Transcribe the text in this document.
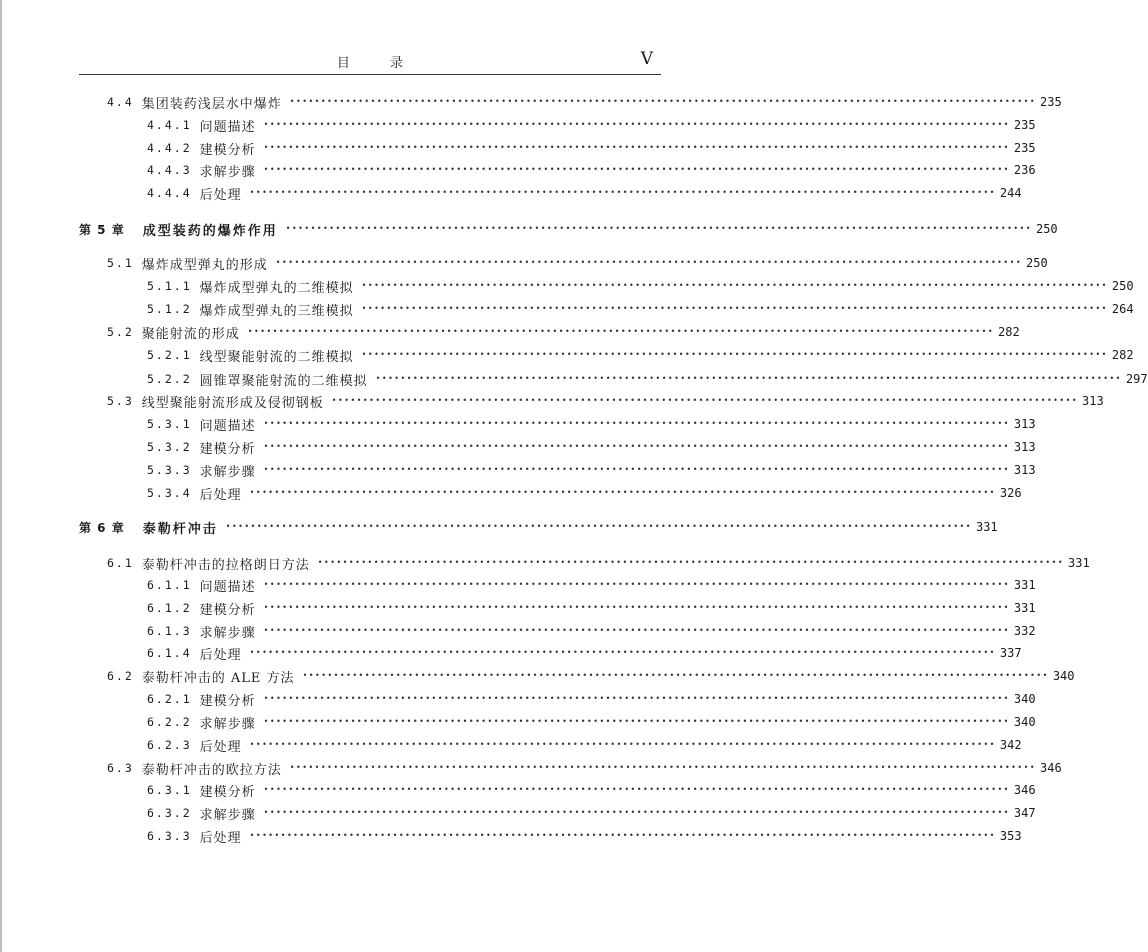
目 录	V
4.4 集团装药浅层水中爆炸 •••••••••••••••••••••••••••••••••••••••••••••••••••••••••••••••••••••••••••••••••••••••••••••••••••••••••••••••••••••••• 235
4.4.1 问题描述 •••••••••••••••••••••••••••••••••••••••••••••••••••••••••••••••••••••••••••••••••••••••••••••••••••••••••••••••••••••••• 235
4.4.2 建模分析 •••••••••••••••••••••••••••••••••••••••••••••••••••••••••••••••••••••••••••••••••••••••••••••••••••••••••••••••••••••••• 235
4.4.3 求解步骤 •••••••••••••••••••••••••••••••••••••••••••••••••••••••••••••••••••••••••••••••••••••••••••••••••••••••••••••••••••••••• 236
4.4.4 后处理 •••••••••••••••••••••••••••••••••••••••••••••••••••••••••••••••••••••••••••••••••••••••••••••••••••••••••••••••••••••••• 244
第 5 章 成型装药的爆炸作用 •••••••••••••••••••••••••••••••••••••••••••••••••••••••••••••••••••••••••••••••••••••••••••••••••••••••••••••••••••••••• 250
5.1 爆炸成型弹丸的形成 •••••••••••••••••••••••••••••••••••••••••••••••••••••••••••••••••••••••••••••••••••••••••••••••••••••••••••••••••••••••• 250
5.1.1 爆炸成型弹丸的二维模拟 •••••••••••••••••••••••••••••••••••••••••••••••••••••••••••••••••••••••••••••••••••••••••••••••••••••••••••••••••••••••• 250
5.1.2 爆炸成型弹丸的三维模拟 •••••••••••••••••••••••••••••••••••••••••••••••••••••••••••••••••••••••••••••••••••••••••••••••••••••••••••••••••••••••• 264
5.2 聚能射流的形成 •••••••••••••••••••••••••••••••••••••••••••••••••••••••••••••••••••••••••••••••••••••••••••••••••••••••••••••••••••••••• 282
5.2.1 线型聚能射流的二维模拟 •••••••••••••••••••••••••••••••••••••••••••••••••••••••••••••••••••••••••••••••••••••••••••••••••••••••••••••••••••••••• 282
5.2.2 圆锥罩聚能射流的二维模拟 •••••••••••••••••••••••••••••••••••••••••••••••••••••••••••••••••••••••••••••••••••••••••••••••••••••••••••••••••••••••• 297
5.3 线型聚能射流形成及侵彻钢板 •••••••••••••••••••••••••••••••••••••••••••••••••••••••••••••••••••••••••••••••••••••••••••••••••••••••••••••••••••••••• 313
5.3.1 问题描述 •••••••••••••••••••••••••••••••••••••••••••••••••••••••••••••••••••••••••••••••••••••••••••••••••••••••••••••••••••••••• 313
5.3.2 建模分析 •••••••••••••••••••••••••••••••••••••••••••••••••••••••••••••••••••••••••••••••••••••••••••••••••••••••••••••••••••••••• 313
5.3.3 求解步骤 •••••••••••••••••••••••••••••••••••••••••••••••••••••••••••••••••••••••••••••••••••••••••••••••••••••••••••••••••••••••• 313
5.3.4 后处理 •••••••••••••••••••••••••••••••••••••••••••••••••••••••••••••••••••••••••••••••••••••••••••••••••••••••••••••••••••••••• 326
第 6 章 泰勒杆冲击 •••••••••••••••••••••••••••••••••••••••••••••••••••••••••••••••••••••••••••••••••••••••••••••••••••••••••••••••••••••••• 331
6.1 泰勒杆冲击的拉格朗日方法 •••••••••••••••••••••••••••••••••••••••••••••••••••••••••••••••••••••••••••••••••••••••••••••••••••••••••••••••••••••••• 331
6.1.1 问题描述 •••••••••••••••••••••••••••••••••••••••••••••••••••••••••••••••••••••••••••••••••••••••••••••••••••••••••••••••••••••••• 331
6.1.2 建模分析 •••••••••••••••••••••••••••••••••••••••••••••••••••••••••••••••••••••••••••••••••••••••••••••••••••••••••••••••••••••••• 331
6.1.3 求解步骤 •••••••••••••••••••••••••••••••••••••••••••••••••••••••••••••••••••••••••••••••••••••••••••••••••••••••••••••••••••••••• 332
6.1.4 后处理 •••••••••••••••••••••••••••••••••••••••••••••••••••••••••••••••••••••••••••••••••••••••••••••••••••••••••••••••••••••••• 337
6.2 泰勒杆冲击的 ALE 方法 •••••••••••••••••••••••••••••••••••••••••••••••••••••••••••••••••••••••••••••••••••••••••••••••••••••••••••••••••••••••• 340
6.2.1 建模分析 •••••••••••••••••••••••••••••••••••••••••••••••••••••••••••••••••••••••••••••••••••••••••••••••••••••••••••••••••••••••• 340
6.2.2 求解步骤 •••••••••••••••••••••••••••••••••••••••••••••••••••••••••••••••••••••••••••••••••••••••••••••••••••••••••••••••••••••••• 340
6.2.3 后处理 •••••••••••••••••••••••••••••••••••••••••••••••••••••••••••••••••••••••••••••••••••••••••••••••••••••••••••••••••••••••• 342
6.3 泰勒杆冲击的欧拉方法 •••••••••••••••••••••••••••••••••••••••••••••••••••••••••••••••••••••••••••••••••••••••••••••••••••••••••••••••••••••••• 346
6.3.1 建模分析 •••••••••••••••••••••••••••••••••••••••••••••••••••••••••••••••••••••••••••••••••••••••••••••••••••••••••••••••••••••••• 346
6.3.2 求解步骤 •••••••••••••••••••••••••••••••••••••••••••••••••••••••••••••••••••••••••••••••••••••••••••••••••••••••••••••••••••••••• 347
6.3.3 后处理 •••••••••••••••••••••••••••••••••••••••••••••••••••••••••••••••••••••••••••••••••••••••••••••••••••••••••••••••••••••••• 353
